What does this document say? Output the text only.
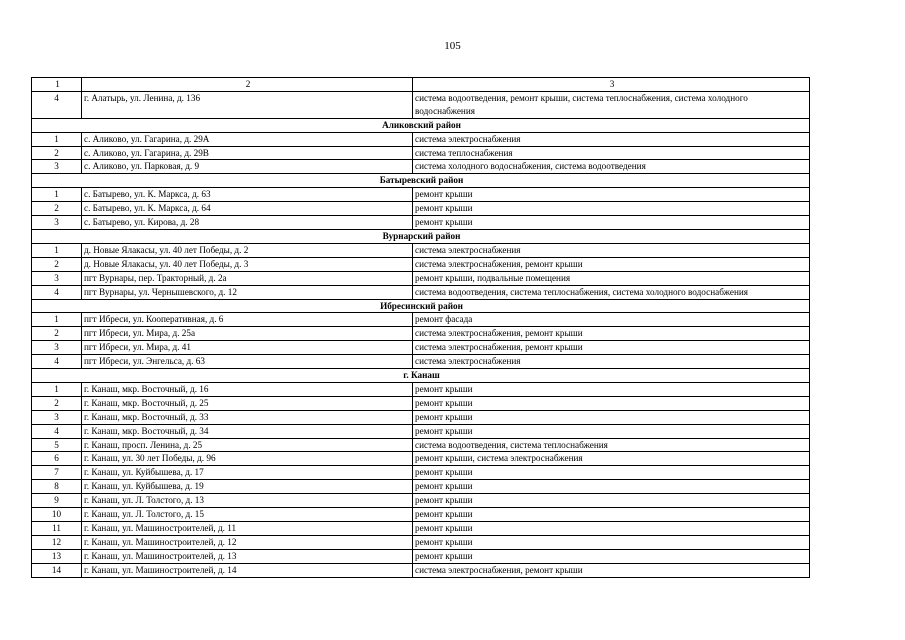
105
1	2	3
4	г. Алатырь, ул. Ленина, д. 136	система водоотведения, ремонт крыши, система теплоснабжения, система холодного водоснабжения
Аликовский район		
1	с. Аликово, ул. Гагарина, д. 29А	система электроснабжения
2	с. Аликово, ул. Гагарина, д. 29В	система теплоснабжения
3	с. Аликово, ул. Парковая, д. 9	система холодного водоснабжения, система водоотведения
Батыревский район		
1	с. Батырево, ул. К. Маркса, д. 63	ремонт крыши
2	с. Батырево, ул. К. Маркса, д. 64	ремонт крыши
3	с. Батырево, ул. Кирова, д. 28	ремонт крыши
Вурнарский район		
1	д. Новые Ялакасы, ул. 40 лет Победы, д. 2	система электроснабжения
2	д. Новые Ялакасы, ул. 40 лет Победы, д. 3	система электроснабжения, ремонт крыши
3	пгт Вурнары, пер. Тракторный, д. 2а	ремонт крыши, подвальные помещения
4	пгт Вурнары, ул. Чернышевского, д. 12	система водоотведения, система теплоснабжения, система холодного водоснабжения
Ибресинский район		
1	пгт Ибреси, ул. Кооперативная, д. 6	ремонт фасада
2	пгт Ибреси, ул. Мира, д. 25а	система электроснабжения, ремонт крыши
3	пгт Ибреси, ул. Мира, д. 41	система электроснабжения, ремонт крыши
4	пгт Ибреси, ул. Энгельса, д. 63	система электроснабжения
г. Канаш		
1	г. Канаш, мкр. Восточный, д. 16	ремонт крыши
2	г. Канаш, мкр. Восточный, д. 25	ремонт крыши
3	г. Канаш, мкр. Восточный, д. 33	ремонт крыши
4	г. Канаш, мкр. Восточный, д. 34	ремонт крыши
5	г. Канаш, просп. Ленина, д. 25	система водоотведения, система теплоснабжения
6	г. Канаш, ул. 30 лет Победы, д. 96	ремонт крыши, система электроснабжения
7	г. Канаш, ул. Куйбышева, д. 17	ремонт крыши
8	г. Канаш, ул. Куйбышева, д. 19	ремонт крыши
9	г. Канаш, ул. Л. Толстого, д. 13	ремонт крыши
10	г. Канаш, ул. Л. Толстого, д. 15	ремонт крыши
11	г. Канаш, ул. Машиностроителей, д. 11	ремонт крыши
12	г. Канаш, ул. Машиностроителей, д. 12	ремонт крыши
13	г. Канаш, ул. Машиностроителей, д. 13	ремонт крыши
14	г. Канаш, ул. Машиностроителей, д. 14	система электроснабжения, ремонт крыши
